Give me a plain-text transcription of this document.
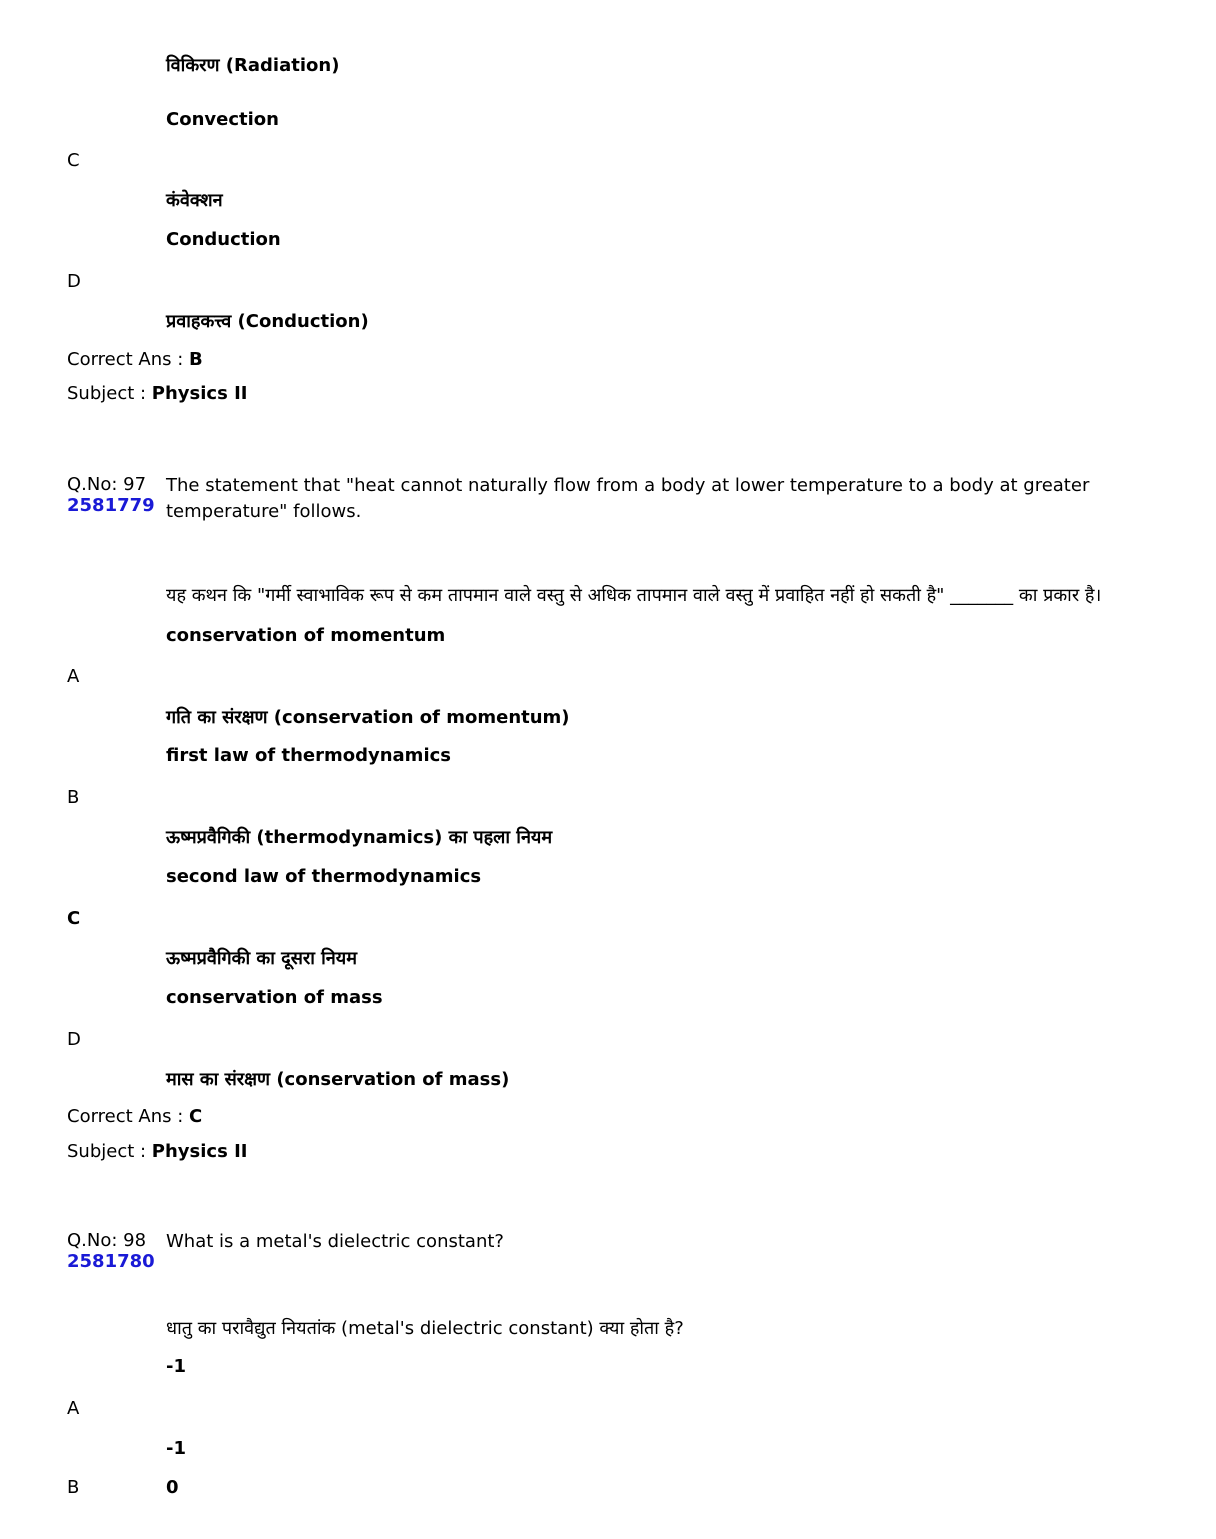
विकिरण (Radiation)
Convection
C
कंवेक्शन
Conduction
D
प्रवाहकत्त्व (Conduction)
Correct Ans : B
Subject : Physics II
Q.No: 97
2581779
The statement that "heat cannot naturally flow from a body at lower temperature to a body at greater temperature" follows.
यह कथन कि "गर्मी स्वाभाविक रूप से कम तापमान वाले वस्तु से अधिक तापमान वाले वस्तु में प्रवाहित नहीं हो सकती है" _______ का प्रकार है।
conservation of momentum
A
गति का संरक्षण (conservation of momentum)
first law of thermodynamics
B
ऊष्मप्रवैगिकी (thermodynamics) का पहला नियम
second law of thermodynamics
C
ऊष्मप्रवैगिकी का दूसरा नियम
conservation of mass
D
मास का संरक्षण (conservation of mass)
Correct Ans : C
Subject : Physics II
Q.No: 98
2581780
What is a metal's dielectric constant?
धातु का परावैद्युत नियतांक (metal's dielectric constant) क्या होता है?
-1
A
-1
B	0
